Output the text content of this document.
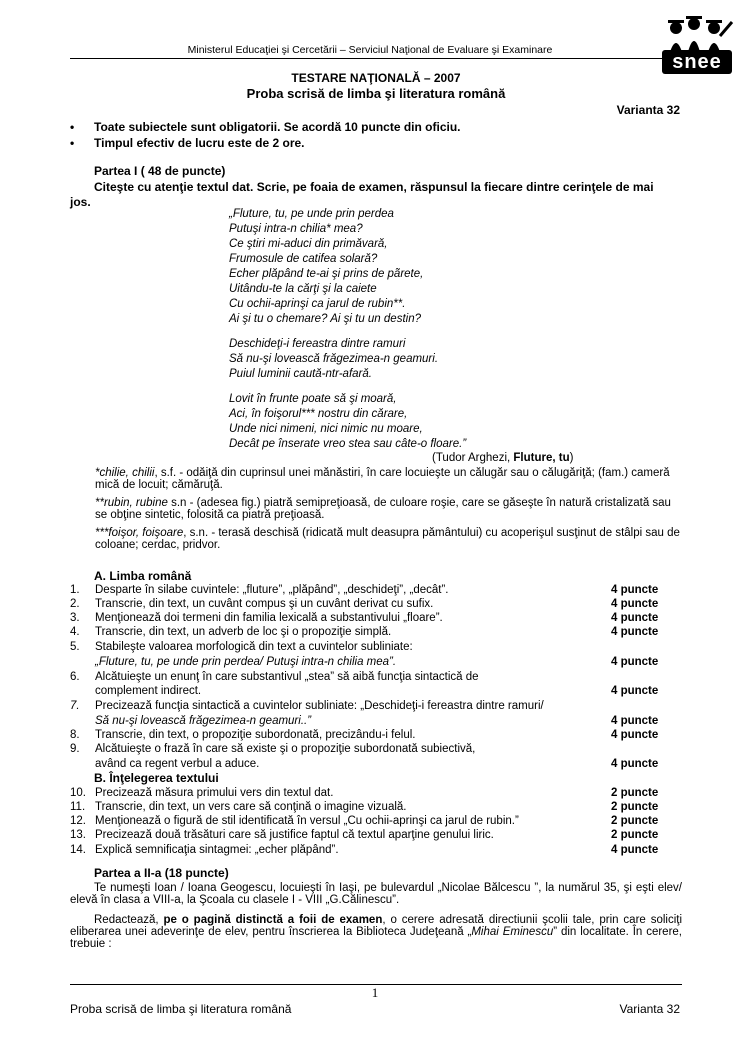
Ministerul Educaţiei şi Cercetării – Serviciul Naţional de Evaluare şi Examinare
snee
TESTARE NAŢIONALĂ – 2007
Proba scrisă de limba şi literatura română
Varianta 32
• Toate subiectele sunt obligatorii. Se acordă 10 puncte din oficiu.
• Timpul efectiv de lucru este de 2 ore.
Partea I ( 48 de puncte)
Citeşte cu atenţie textul dat. Scrie, pe foaia de examen, răspunsul la fiecare dintre cerinţele de mai
jos.
„Fluture, tu, pe unde prin perdea
Putuşi intra-n chilia* mea?
Ce ştiri mi-aduci din primăvară,
Frumosule de catifea solară?
Echer plăpând te-ai şi prins de pãrete,
Uitându-te la cărţi şi la caiete
Cu ochii-aprinşi ca jarul de rubin**.
Ai şi tu o chemare? Ai şi tu un destin?
Deschideţi-i fereastra dintre ramuri
Să nu-şi lovească frăgezimea-n geamuri.
Puiul luminii caută-ntr-afară.
Lovit în frunte poate să şi moară,
Aci, în foişorul*** nostru din cărare,
Unde nici nimeni, nici nimic nu moare,
Decât pe înserate vreo stea sau câte-o floare.”
(Tudor Arghezi, Fluture, tu)
*chilie, chilii, s.f. - odăiţă din cuprinsul unei mănăstiri, în care locuieşte un călugăr sau o călugăriţă; (fam.) cameră mică de locuit; cămăruţă.
**rubin, rubine s.n - (adesea fig.) piatră semipreţioasă, de culoare roşie, care se găseşte în natură cristalizată sau se obţine sintetic, folosită ca piatră preţioasă.
***foişor, foişoare, s.n. - terasă deschisă (ridicată mult deasupra pământului) cu acoperişul susţinut de stâlpi sau de coloane; cerdac, pridvor.
A. Limba română
1. Desparte în silabe cuvintele: „fluture”, „plăpând”, „deschideţi”, „decât”.	4 puncte
2. Transcrie, din text, un cuvânt compus şi un cuvânt derivat cu sufix.	4 puncte
3. Menţionează doi termeni din familia lexicală a substantivului „floare”.	4 puncte
4. Transcrie, din text, un adverb de loc şi o propoziţie simplă.	4 puncte
5. Stabileşte valoarea morfologică din text a cuvintelor subliniate:
„Fluture, tu, pe unde prin perdea/ Putuşi intra-n chilia mea”.	4 puncte
6. Alcătuieşte un enunţ în care substantivul „stea” să aibă funcţia sintactică de
complement indirect.	4 puncte
7. Precizează funcţia sintactică a cuvintelor subliniate: „Deschideţi-i fereastra dintre ramuri/
Să nu-şi lovească frăgezimea-n geamuri..”	4 puncte
8. Transcrie, din text, o propoziţie subordonată, precizându-i felul.	4 puncte
9. Alcătuieşte o frază în care să existe şi o propoziţie subordonată subiectivă,
având ca regent verbul a aduce.	4 puncte
B. Înţelegerea textului
10. Precizează măsura primului vers din textul dat.	2 puncte
11. Transcrie, din text, un vers care să conţină o imagine vizuală.	2 puncte
12. Menţionează o figură de stil identificată în versul „Cu ochii-aprinşi ca jarul de rubin.”	2 puncte
13. Precizează două trăsături care să justifice faptul că textul aparţine genului liric.	2 puncte
14. Explică semnificaţia sintagmei: „echer plăpând”.	4 puncte
Partea a II-a (18 puncte)
Te numeşti Ioan / Ioana Geogescu, locuieşti în Iaşi, pe bulevardul „Nicolae Bălcescu ”, la numărul 35, şi eşti elev/ elevă în clasa a VIII-a, la Şcoala cu clasele I - VIII „G.Călinescu”.
Redactează, pe o pagină distinctă a foii de examen, o cerere adresată directiunii şcolii tale, prin care soliciţi eliberarea unei adeverinţe de elev, pentru înscrierea la Biblioteca Judeţeană „Mihai Eminescu” din localitate. În cerere, trebuie :
1
Proba scrisă de limba şi literatura română	Varianta 32
